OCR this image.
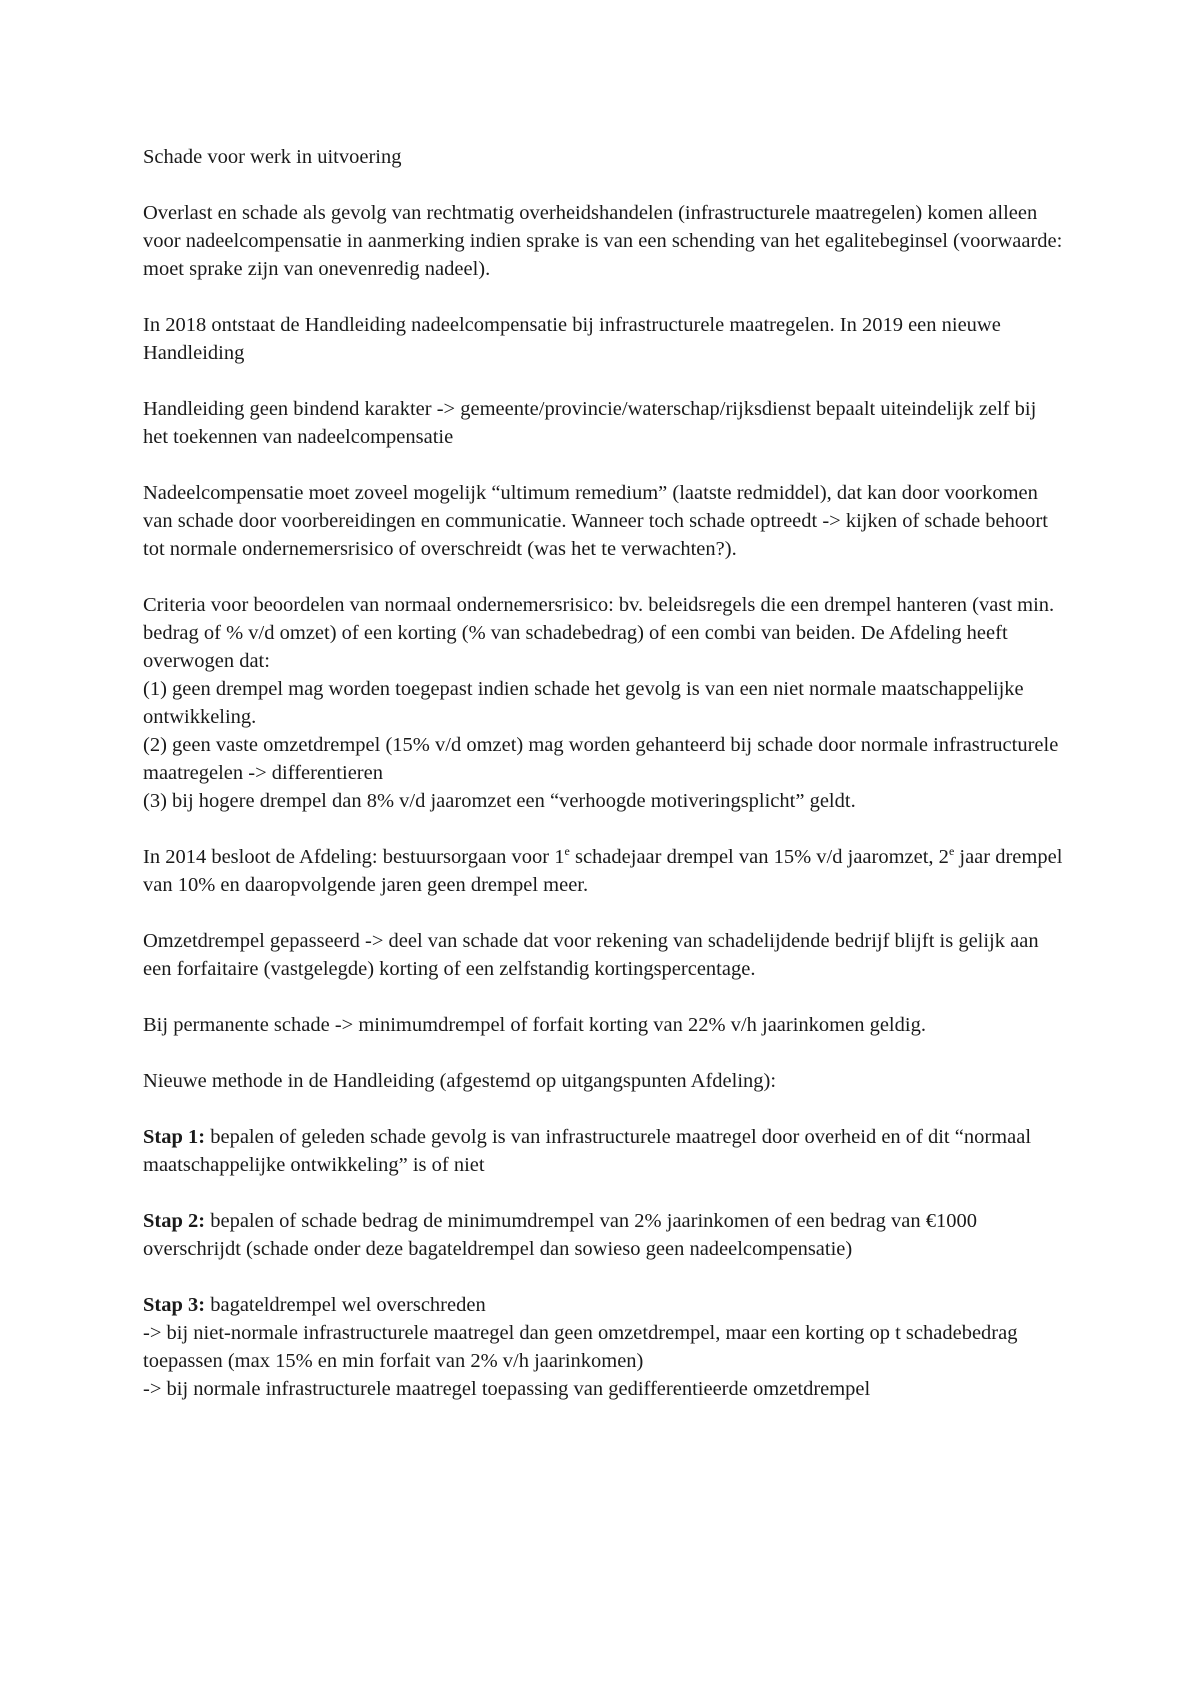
Schade voor werk in uitvoering

Overlast en schade als gevolg van rechtmatig overheidshandelen (infrastructurele maatregelen) komen alleen voor nadeelcompensatie in aanmerking indien sprake is van een schending van het egalitebeginsel (voorwaarde: moet sprake zijn van onevenredig nadeel).

In 2018 ontstaat de Handleiding nadeelcompensatie bij infrastructurele maatregelen. In 2019 een nieuwe Handleiding

Handleiding geen bindend karakter -> gemeente/provincie/waterschap/rijksdienst bepaalt uiteindelijk zelf bij het toekennen van nadeelcompensatie

Nadeelcompensatie moet zoveel mogelijk “ultimum remedium” (laatste redmiddel), dat kan door voorkomen van schade door voorbereidingen en communicatie. Wanneer toch schade optreedt -> kijken of schade behoort tot normale ondernemersrisico of overschreidt (was het te verwachten?).

Criteria voor beoordelen van normaal ondernemersrisico: bv. beleidsregels die een drempel hanteren (vast min. bedrag of % v/d omzet) of een korting (% van schadebedrag) of een combi van beiden. De Afdeling heeft overwogen dat:

(1) geen drempel mag worden toegepast indien schade het gevolg is van een niet normale maatschappelijke ontwikkeling.

(2) geen vaste omzetdrempel (15% v/d omzet) mag worden gehanteerd bij schade door normale infrastructurele maatregelen -> differentieren

(3) bij hogere drempel dan 8% v/d jaaromzet een “verhoogde motiveringsplicht” geldt.

In 2014 besloot de Afdeling: bestuursorgaan voor 1e schadejaar drempel van 15% v/d jaaromzet, 2e jaar drempel van 10% en daaropvolgende jaren geen drempel meer.

Omzetdrempel gepasseerd -> deel van schade dat voor rekening van schadelijdende bedrijf blijft is gelijk aan een forfaitaire (vastgelegde) korting of een zelfstandig kortingspercentage.

Bij permanente schade -> minimumdrempel of forfait korting van 22% v/h jaarinkomen geldig.

Nieuwe methode in de Handleiding (afgestemd op uitgangspunten Afdeling):

Stap 1: bepalen of geleden schade gevolg is van infrastructurele maatregel door overheid en of dit “normaal maatschappelijke ontwikkeling” is of niet

Stap 2: bepalen of schade bedrag de minimumdrempel van 2% jaarinkomen of een bedrag van €1000 overschrijdt (schade onder deze bagateldrempel dan sowieso geen nadeelcompensatie)

Stap 3: bagateldrempel wel overschreden

-> bij niet-normale infrastructurele maatregel dan geen omzetdrempel, maar een korting op t schadebedrag toepassen (max 15% en min forfait van 2% v/h jaarinkomen)

-> bij normale infrastructurele maatregel toepassing van gedifferentieerde omzetdrempel
